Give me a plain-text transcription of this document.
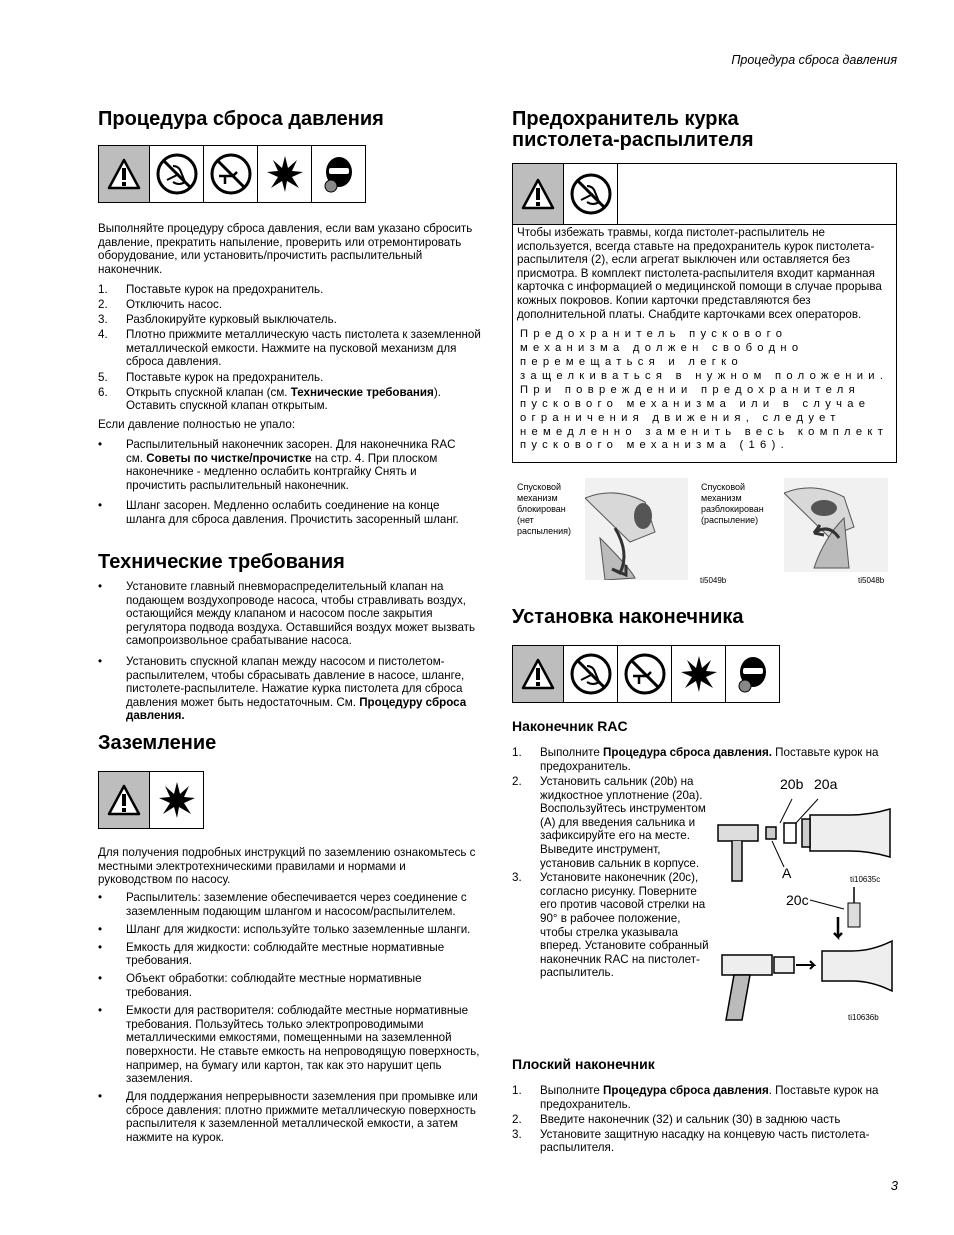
Процедура сброса давления
Процедура сброса давления
Выполняйте процедуру сброса давления, если вам указано сбросить давление, прекратить напыление, проверить или отремонтировать оборудование, или установить/прочистить распылительный наконечник.
1. Поставьте курок на предохранитель.
2. Отключить насос.
3. Разблокируйте курковый выключатель.
4. Плотно прижмите металлическую часть пистолета к заземленной металлической емкости. Нажмите на пусковой механизм для сброса давления.
5. Поставьте курок на предохранитель.
6. Открыть спускной клапан (см. Технические требования). Оставить спускной клапан открытым.
Если давление полностью не упало:
• Распылительный наконечник засорен. Для наконечника RAC см. Советы по чистке/прочистке на стр. 4. При плоском наконечнике - медленно ослабить контргайку Снять и прочистить распылительный наконечник.
• Шланг засорен. Медленно ослабить соединение на конце шланга для сброса давления. Прочистить засоренный шланг.
Технические требования
• Установите главный пневмораспределительный клапан на подающем воздухопроводе насоса, чтобы стравливать воздух, остающийся между клапаном и насосом после закрытия регулятора подвода воздуха. Оставшийся воздух может вызвать самопроизвольное срабатывание насоса.
• Установить спускной клапан между насосом и пистолетом-распылителем, чтобы сбрасывать давление в насосе, шланге, пистолете-распылителе. Нажатие курка пистолета для сброса давления может быть недостаточным. См. Процедуру сброса давления.
Заземление
Для получения подробных инструкций по заземлению ознакомьтесь с местными электротехническими правилами и нормами и руководством по насосу.
• Распылитель: заземление обеспечивается через соединение с заземленным подающим шлангом и насосом/распылителем.
• Шланг для жидкости: используйте только заземленные шланги.
• Емкость для жидкости: соблюдайте местные нормативные требования.
• Объект обработки: соблюдайте местные нормативные требования.
• Емкости для растворителя: соблюдайте местные нормативные требования. Пользуйтесь только электропроводимыми металлическими емкостями, помещенными на заземленной поверхности. Не ставьте емкость на непроводящую поверхность, например, на бумагу или картон, так как это нарушит цепь заземления.
• Для поддержания непрерывности заземления при промывке или сбросе давления: плотно прижмите металлическую поверхность распылителя к заземленной металлической емкости, а затем нажмите на курок.
Предохранитель курка
пистолета-распылителя
Чтобы избежать травмы, когда пистолет-распылитель не используется, всегда ставьте на предохранитель курок пистолета-распылителя (2), если агрегат выключен или оставляется без присмотра. В комплект пистолета-распылителя входит карманная карточка с информацией о медицинской помощи в случае прорыва кожных покровов. Копии карточки представляются без дополнительной платы. Снабдите карточками всех операторов.
Предохранитель пускового механизма должен свободно перемещаться и легко защелкиваться в нужном положении. При повреждении предохранителя пускового механизма или в случае ограничения движения, следует немедленно заменить весь комплект пускового механизма (16).
Спусковой механизм блокирован (нет распыления)
ti5049b
Спусковой механизм разблокирован (распыление)
ti5048b
Установка наконечника
Наконечник RAC
1. Выполните Процедура сброса давления. Поставьте курок на предохранитель.
2. Установить сальник (20b) на жидкостное уплотнение (20a). Воспользуйтесь инструментом (A) для введения сальника и зафиксируйте его на месте. Выведите инструмент, установив сальник в корпусе.
3. Установите наконечник (20c), согласно рисунку. Поверните его против часовой стрелки на 90° в рабочее положение, чтобы стрелка указывала вперед. Установите собранный наконечник RAC на пистолет-распылитель.
20b 20a
A	ti10635c
20c
ti10636b
Плоский наконечник
1. Выполните Процедура сброса давления. Поставьте курок на предохранитель.
2. Введите наконечник (32) и сальник (30) в заднюю часть
3. Установите защитную насадку на концевую часть пистолета-распылителя.
3
